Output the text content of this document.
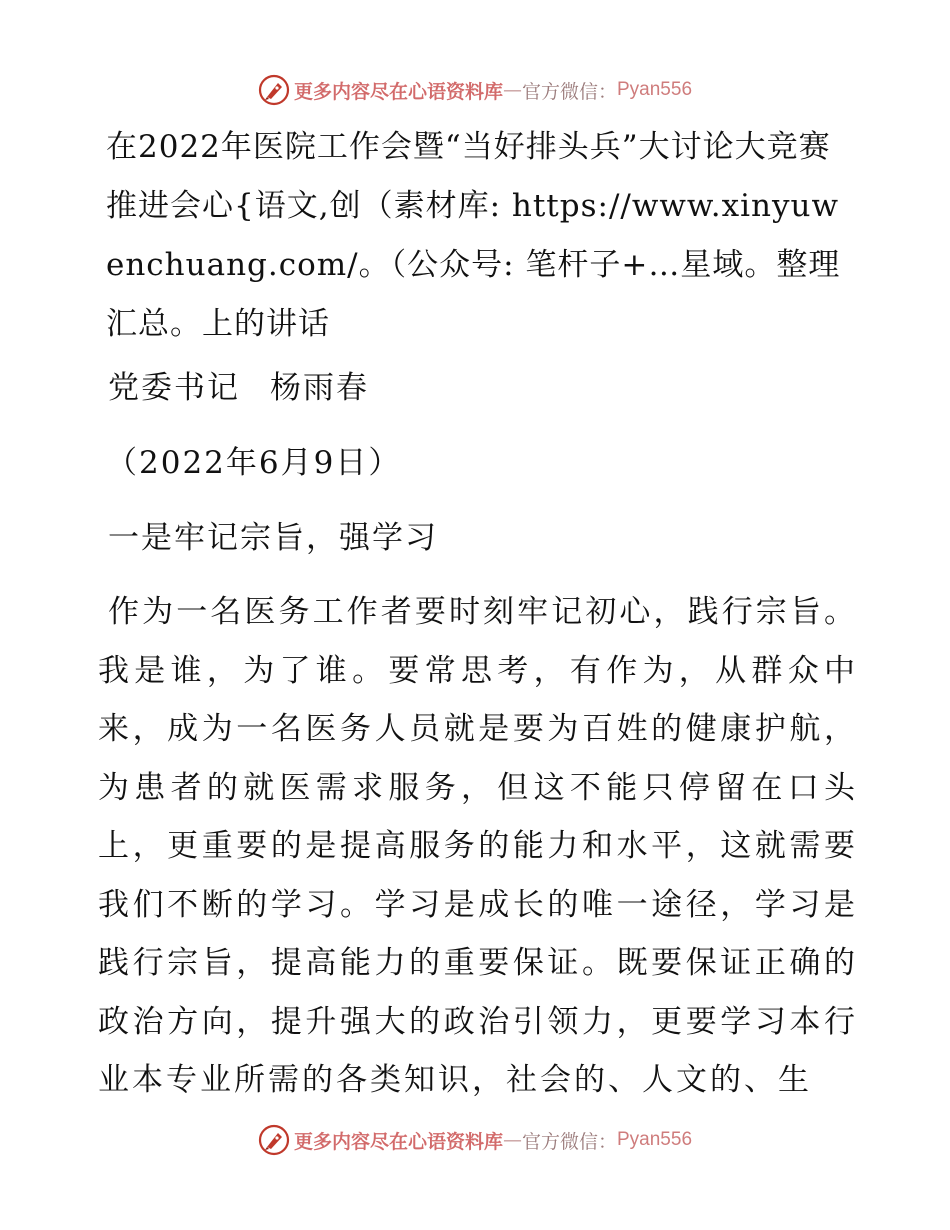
更多内容尽在心语资料库 — 官方微信： Pyan556

在2022年医院工作会暨“当好排头兵”大讨论大竞赛推进会心{语文,创（素材库: https://www.xinyuwenchuang.com/。（公众号: 笔杆子+…星域。整理汇总。上的讲话

党委书记 杨雨春

（2022年6月9日）

一是牢记宗旨，强学习

作为一名医务工作者要时刻牢记初心，践行宗旨。我是谁，为了谁。要常思考，有作为，从群众中来，成为一名医务人员就是要为百姓的健康护航，为患者的就医需求服务，但这不能只停留在口头上，更重要的是提高服务的能力和水平，这就需要我们不断的学习。学习是成长的唯一途径，学习是践行宗旨，提高能力的重要保证。既要保证正确的政治方向，提升强大的政治引领力，更要学习本行业本专业所需的各类知识，社会的、人文的、生

更多内容尽在心语资料库 — 官方微信： Pyan556
